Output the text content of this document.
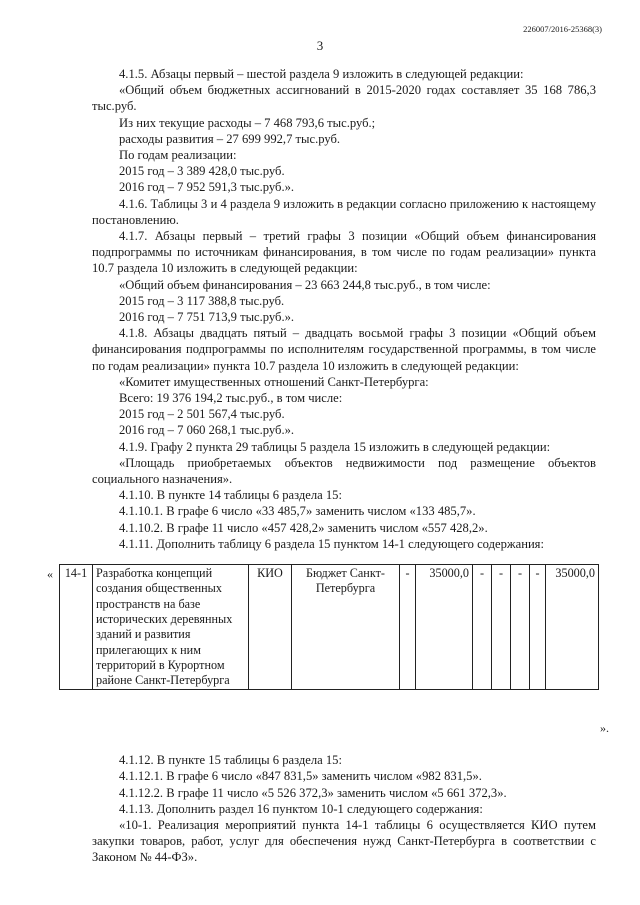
226007/2016-25368(3)
3

4.1.5. Абзацы первый – шестой раздела 9 изложить в следующей редакции:

«Общий объем бюджетных ассигнований в 2015-2020 годах составляет 35 168 786,3 тыс.руб.

Из них текущие расходы – 7 468 793,6 тыс.руб.;

расходы развития – 27 699 992,7 тыс.руб.

По годам реализации:

2015 год – 3 389 428,0 тыс.руб.

2016 год – 7 952 591,3 тыс.руб.».

4.1.6. Таблицы 3 и 4 раздела 9 изложить в редакции согласно приложению к настоящему постановлению.

4.1.7. Абзацы первый – третий графы 3 позиции «Общий объем финансирования подпрограммы по источникам финансирования, в том числе по годам реализации» пункта 10.7 раздела 10 изложить в следующей редакции:

«Общий объем финансирования – 23 663 244,8 тыс.руб., в том числе:

2015 год – 3 117 388,8 тыс.руб.

2016 год – 7 751 713,9 тыс.руб.».

4.1.8. Абзацы двадцать пятый – двадцать восьмой графы 3 позиции «Общий объем финансирования подпрограммы по исполнителям государственной программы, в том числе по годам реализации» пункта 10.7 раздела 10 изложить в следующей редакции:

«Комитет имущественных отношений Санкт-Петербурга:

Всего: 19 376 194,2 тыс.руб., в том числе:

2015 год – 2 501 567,4 тыс.руб.

2016 год – 7 060 268,1 тыс.руб.».

4.1.9. Графу 2 пункта 29 таблицы 5 раздела 15 изложить в следующей редакции:

«Площадь приобретаемых объектов недвижимости под размещение объектов социального назначения».

4.1.10. В пункте 14 таблицы 6 раздела 15:

4.1.10.1. В графе 6 число «33 485,7» заменить числом «133 485,7».

4.1.10.2. В графе 11 число «457 428,2» заменить числом «557 428,2».

4.1.11. Дополнить таблицу 6 раздела 15 пунктом 14-1 следующего содержания:

« 14-1	Разработка концепций создания общественных пространств на базе исторических деревянных зданий и развития прилегающих к ним территорий в Курортном районе Санкт-Петербурга	КИО	Бюджет Санкт-Петербурга	-	35000,0	-	-	-	-	35000,0
».

4.1.12. В пункте 15 таблицы 6 раздела 15:

4.1.12.1. В графе 6 число «847 831,5» заменить числом «982 831,5».

4.1.12.2. В графе 11 число «5 526 372,3» заменить числом «5 661 372,3».

4.1.13. Дополнить раздел 16 пунктом 10-1 следующего содержания:

«10-1. Реализация мероприятий пункта 14-1 таблицы 6 осуществляется КИО путем закупки товаров, работ, услуг для обеспечения нужд Санкт-Петербурга в соответствии с Законом № 44-ФЗ».
